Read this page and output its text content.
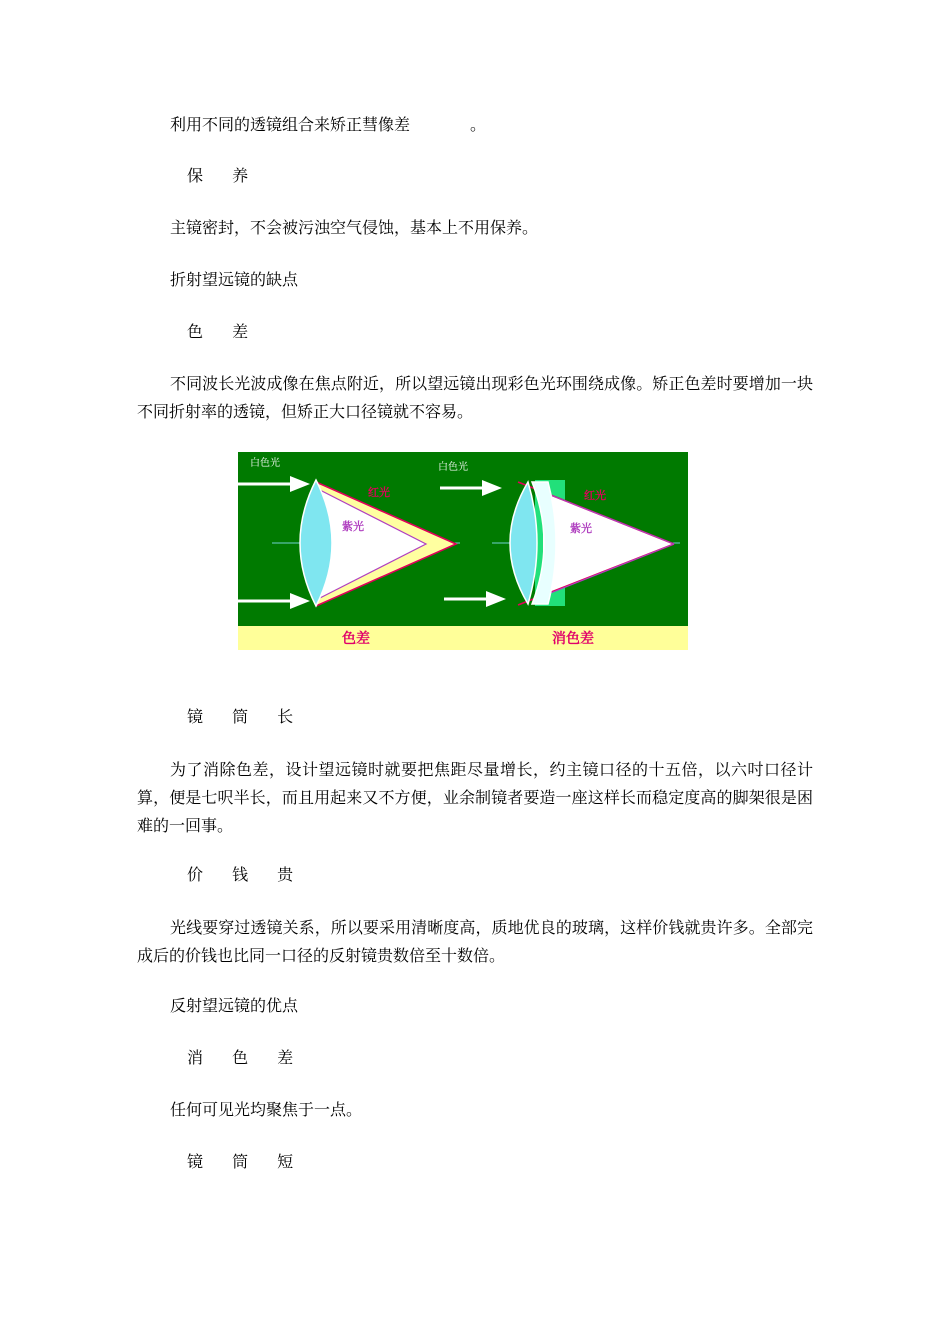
利用不同的透镜组合来矫正彗像差	。
保 养
主镜密封，不会被污浊空气侵蚀，基本上不用保养。
折射望远镜的缺点
色 差
不同波长光波成像在焦点附近，所以望远镜出现彩色光环围绕成像。矫正色差时要增加一块不同折射率的透镜，但矫正大口径镜就不容易。
白色光
红光
紫光
色差
白色光
红光
紫光
消色差
镜 筒 长
为了消除色差，设计望远镜时就要把焦距尽量增长，约主镜口径的十五倍，以六吋口径计算，便是七呎半长，而且用起来又不方便，业余制镜者要造一座这样长而稳定度高的脚架很是困难的一回事。
价 钱 贵
光线要穿过透镜关系，所以要采用清晰度高，质地优良的玻璃，这样价钱就贵许多。全部完成后的价钱也比同一口径的反射镜贵数倍至十数倍。
反射望远镜的优点
消 色 差
任何可见光均聚焦于一点。
镜 筒 短
